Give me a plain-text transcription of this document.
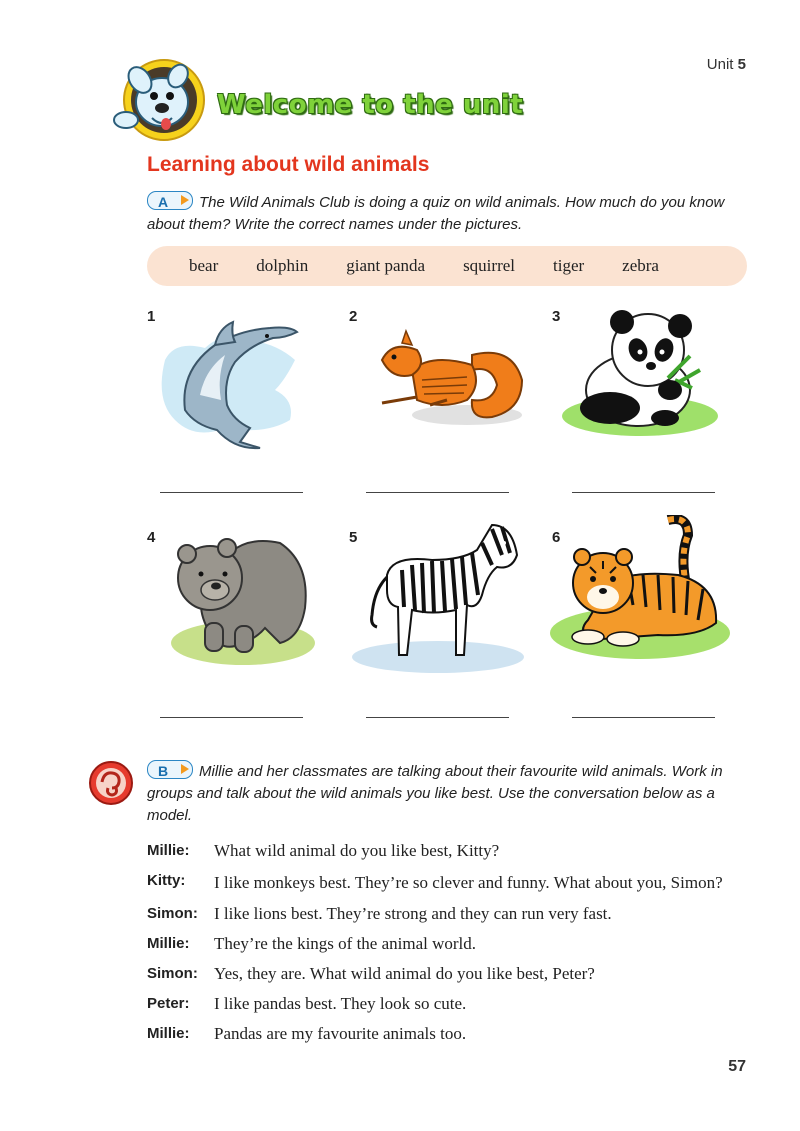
Unit 5
Welcome to the unit
Learning about wild animals
A The Wild Animals Club is doing a quiz on wild animals. How much do you know about them? Write the correct names under the pictures.
bear dolphin giant panda squirrel tiger zebra
1	2	3
4	5	6
B Millie and her classmates are talking about their favourite wild animals. Work in groups and talk about the wild animals you like best. Use the conversation below as a model.
Millie:	What wild animal do you like best, Kitty?
Kitty:	I like monkeys best. They’re so clever and funny. What about you, Simon?
Simon: I like lions best. They’re strong and they can run very fast.
Millie:	They’re the kings of the animal world.
Simon: Yes, they are. What wild animal do you like best, Peter?
Peter:	I like pandas best. They look so cute.
Millie:	Pandas are my favourite animals too.
57
